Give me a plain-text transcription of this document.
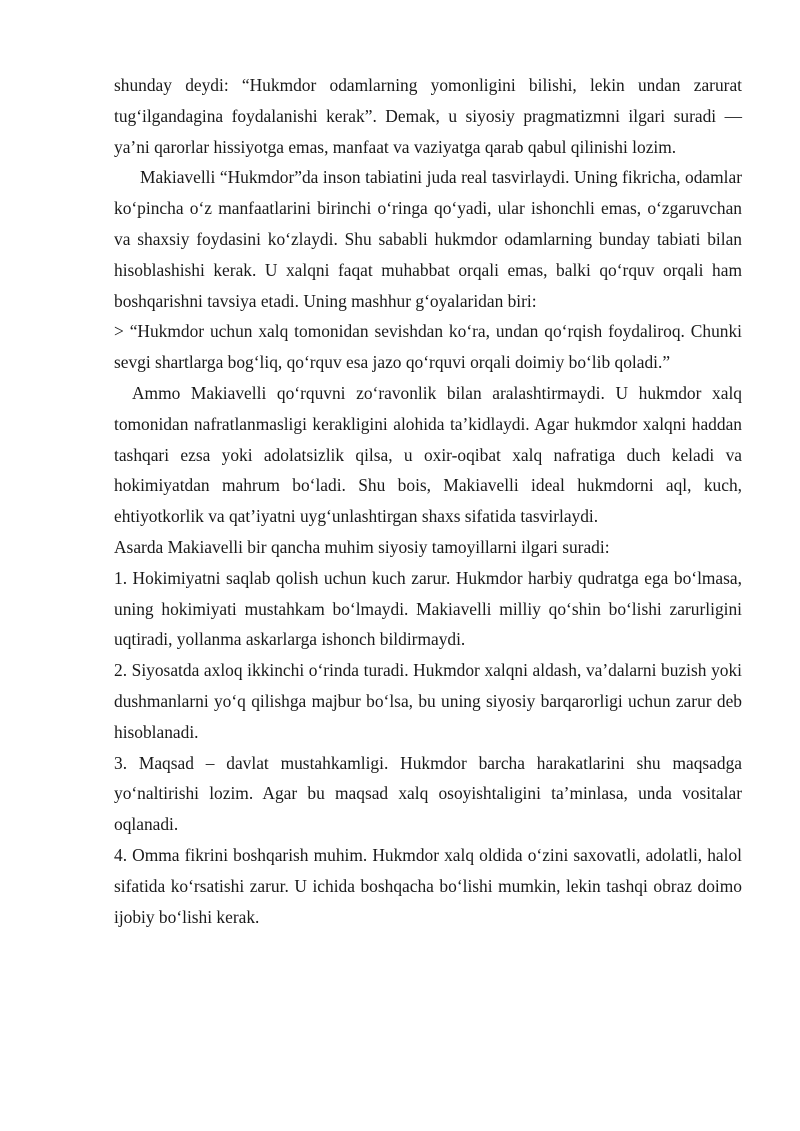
shunday deydi: “Hukmdor odamlarning yomonligini bilishi, lekin undan zarurat tug‘ilgandagina foydalanishi kerak”. Demak, u siyosiy pragmatizmni ilgari suradi — ya’ni qarorlar hissiyotga emas, manfaat va vaziyatga qarab qabul qilinishi lozim.

Makiavelli “Hukmdor”da inson tabiatini juda real tasvirlaydi. Uning fikricha, odamlar ko‘pincha o‘z manfaatlarini birinchi o‘ringa qo‘yadi, ular ishonchli emas, o‘zgaruvchan va shaxsiy foydasini ko‘zlaydi. Shu sababli hukmdor odamlarning bunday tabiati bilan hisoblashishi kerak. U xalqni faqat muhabbat orqali emas, balki qo‘rquv orqali ham boshqarishni tavsiya etadi. Uning mashhur g‘oyalaridan biri:

> “Hukmdor uchun xalq tomonidan sevishdan ko‘ra, undan qo‘rqish foydaliroq. Chunki sevgi shartlarga bog‘liq, qo‘rquv esa jazo qo‘rquvi orqali doimiy bo‘lib qoladi.”

Ammo Makiavelli qo‘rquvni zo‘ravonlik bilan aralashtirmaydi. U hukmdor xalq tomonidan nafratlanmasligi kerakligini alohida ta’kidlaydi. Agar hukmdor xalqni haddan tashqari ezsa yoki adolatsizlik qilsa, u oxir-oqibat xalq nafratiga duch keladi va hokimiyatdan mahrum bo‘ladi. Shu bois, Makiavelli ideal hukmdorni aql, kuch, ehtiyotkorlik va qat’iyatni uyg‘unlashtirgan shaxs sifatida tasvirlaydi.

Asarda Makiavelli bir qancha muhim siyosiy tamoyillarni ilgari suradi:

1. Hokimiyatni saqlab qolish uchun kuch zarur. Hukmdor harbiy qudratga ega bo‘lmasa, uning hokimiyati mustahkam bo‘lmaydi. Makiavelli milliy qo‘shin bo‘lishi zarurligini uqtiradi, yollanma askarlarga ishonch bildirmaydi.

2. Siyosatda axloq ikkinchi o‘rinda turadi. Hukmdor xalqni aldash, va’dalarni buzish yoki dushmanlarni yo‘q qilishga majbur bo‘lsa, bu uning siyosiy barqarorligi uchun zarur deb hisoblanadi.

3. Maqsad – davlat mustahkamligi. Hukmdor barcha harakatlarini shu maqsadga yo‘naltirishi lozim. Agar bu maqsad xalq osoyishtaligini ta’minlasa, unda vositalar oqlanadi.

4. Omma fikrini boshqarish muhim. Hukmdor xalq oldida o‘zini saxovatli, adolatli, halol sifatida ko‘rsatishi zarur. U ichida boshqacha bo‘lishi mumkin, lekin tashqi obraz doimo ijobiy bo‘lishi kerak.
